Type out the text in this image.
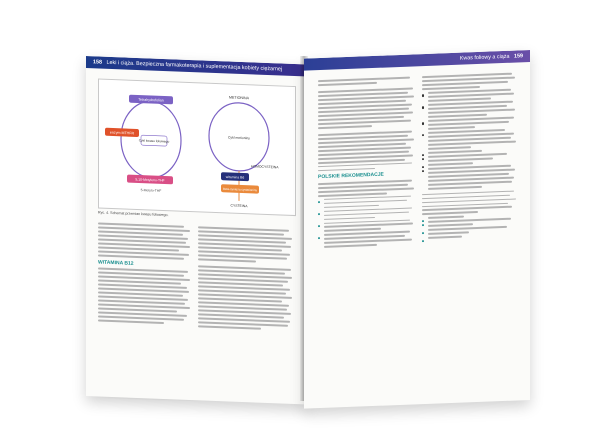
158 Leki i ciąża. Bezpieczna farmakoterapia i suplementacja kobiety ciężarnej
Tetrahydrofolian
enzym MTHFR
Cykl kwasu foliowego
5,10-Metyleno-THF
5-Metylo-THF
METIONINA
Cykl metioniny
HOMOCYSTEINA
witamina B6
Beta-synteza cystationiny
CYSTEINA
Ryc. 4. Schemat przemian kwasu foliowego.
WITAMINA B12
Kwas foliowy a ciąża 159
POLSKIE REKOMENDACJE
